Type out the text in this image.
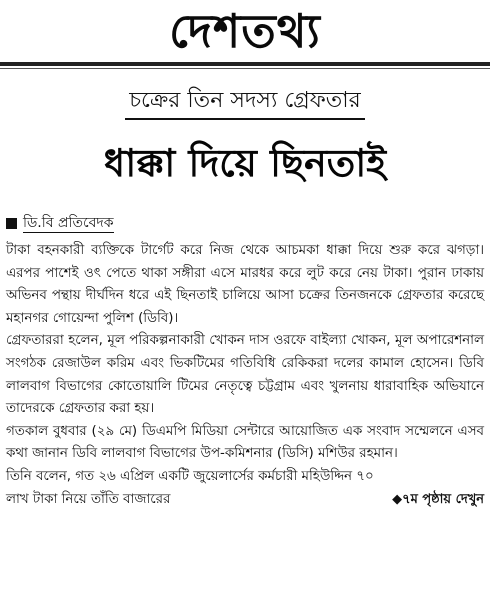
দেশতথ্য
চক্রের তিন সদস্য গ্রেফতার
ধাক্কা দিয়ে ছিনতাই
ডি.বি প্রতিবেদক

টাকা বহনকারী ব্যক্তিকে টার্গেট করে নিজ থেকে আচমকা ধাক্কা দিয়ে শুরু করে ঝগড়া। এরপর পাশেই ওৎ পেতে থাকা সঙ্গীরা এসে মারধর করে লুট করে নেয় টাকা। পুরান ঢাকায় অভিনব পন্থায় দীর্ঘদিন ধরে এই ছিনতাই চালিয়ে আসা চক্রের তিনজনকে গ্রেফতার করেছে মহানগর গোয়েন্দা পুলিশ (ডিবি)।

গ্রেফতাররা হলেন, মূল পরিকল্পনাকারী খোকন দাস ওরফে বাইল্যা খোকন, মূল অপারেশনাল সংগঠক রেজাউল করিম এবং ভিকটিমের গতিবিধি রেকিকরা দলের কামাল হোসেন। ডিবি লালবাগ বিভাগের কোতোয়ালি টিমের নেতৃত্বে চট্টগ্রাম এবং খুলনায় ধারাবাহিক অভিযানে তাদেরকে গ্রেফতার করা হয়।

গতকাল বুধবার (২৯ মে) ডিএমপি মিডিয়া সেন্টারে আয়োজিত এক সংবাদ সম্মেলনে এসব কথা জানান ডিবি লালবাগ বিভাগের উপ-কমিশনার (ডিসি) মশিউর রহমান।

তিনি বলেন, গত ২৬ এপ্রিল একটি জুয়েলার্সের কর্মচারী মহিউদ্দিন ৭০

লাখ টাকা নিয়ে তাঁতি বাজারের	◆৭ম পৃষ্ঠায় দেখুন
